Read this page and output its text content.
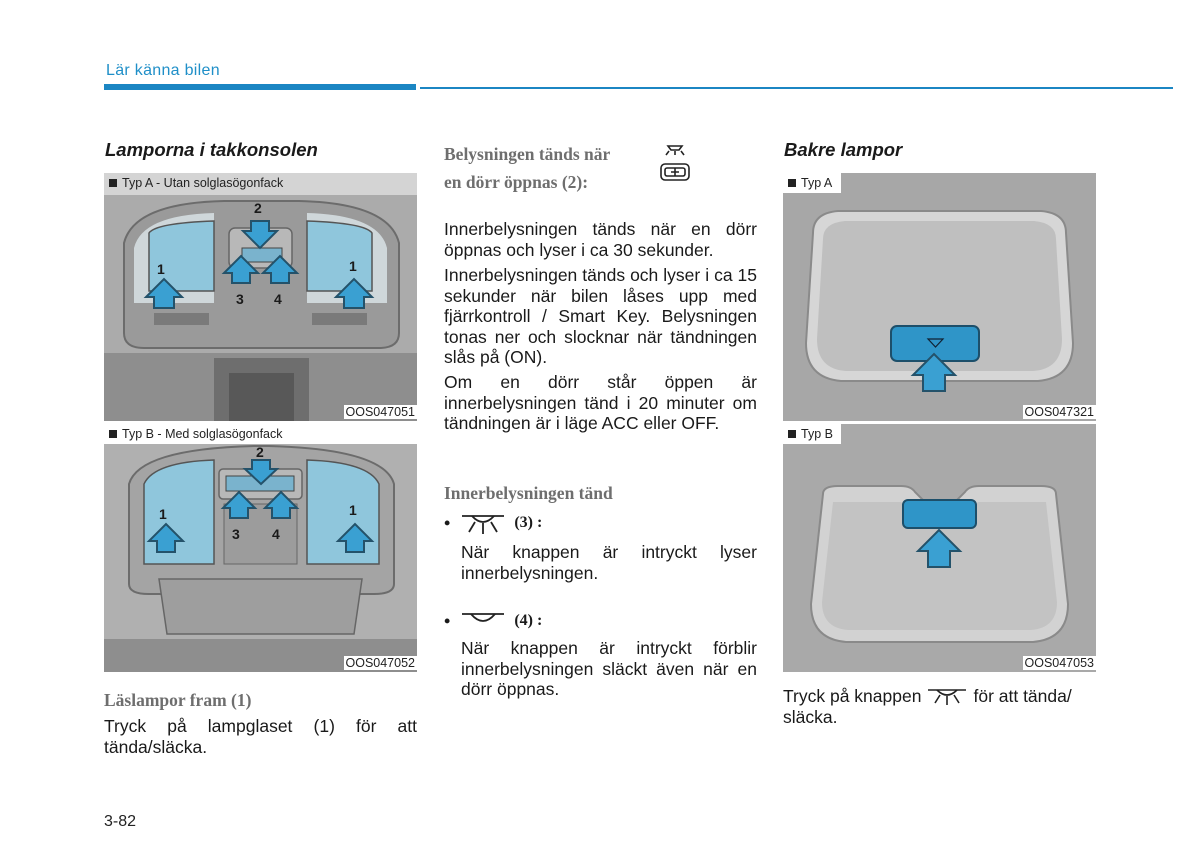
Lär känna bilen
Lamporna i takkonsolen
Typ A - Utan solglasögonfack
2
1	1
3 4
OOS047051
Typ B - Med solglasögonfack
2
1	1
3 4
OOS047052
Läslampor fram (1)
Tryck på lampglaset (1) för att tända/släcka.
3-82
Belysningen tänds när
en dörr öppnas (2):
Innerbelysningen tänds när en dörr öppnas och lyser i ca 30 sekunder.
Innerbelysningen tänds och lyser i ca 15 sekunder när bilen låses upp med fjärrkontroll / Smart Key. Belysningen tonas ner och slocknar när tändningen slås på (ON).
Om en dörr står öppen är innerbelysningen tänd i 20 minuter om tändningen är i läge ACC eller OFF.
Innerbelysningen tänd
•	(3) :
När knappen är intryckt lyser innerbelysningen.
•	(4) :
När knappen är intryckt förblir innerbelysningen släckt även när en dörr öppnas.
Bakre lampor
Typ A
OOS047321
Typ B
OOS047053
Tryck på knappen	för att tända/
släcka.
